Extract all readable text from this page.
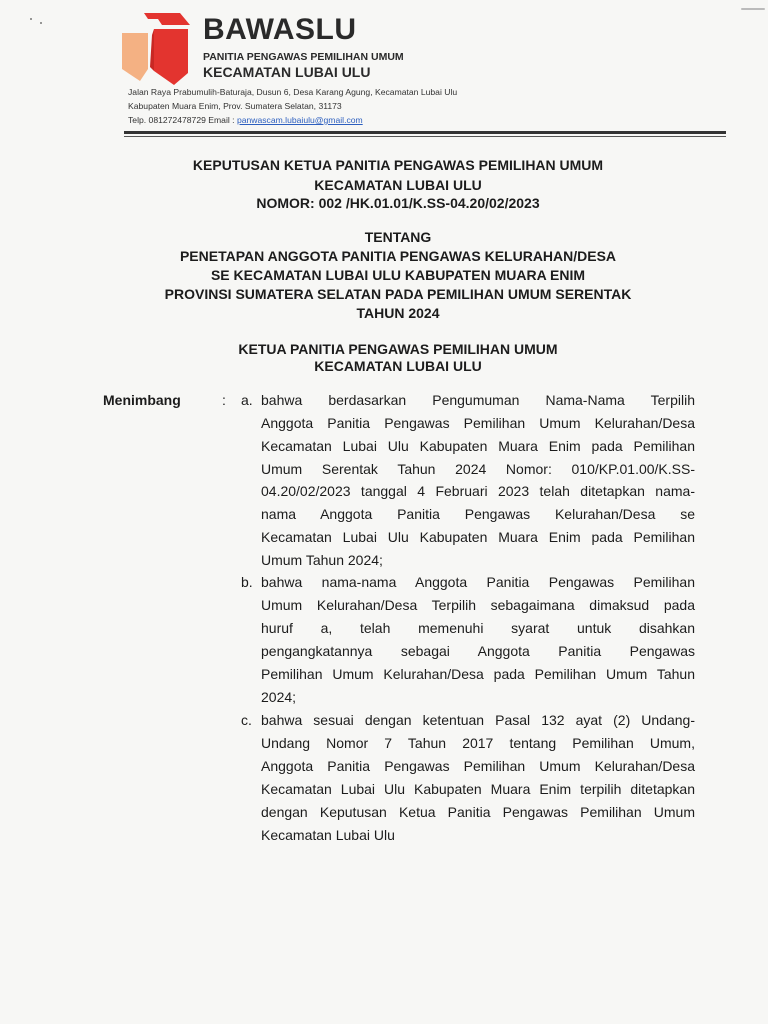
BAWASLU
PANITIA PENGAWAS PEMILIHAN UMUM
KECAMATAN LUBAI ULU
Jalan Raya Prabumulih-Baturaja, Dusun 6, Desa Karang Agung, Kecamatan Lubai Ulu
Kabupaten Muara Enim, Prov. Sumatera Selatan, 31173
Telp. 081272478729 Email : panwascam.lubaiulu@gmail.com
KEPUTUSAN KETUA PANITIA PENGAWAS PEMILIHAN UMUM
KECAMATAN LUBAI ULU
NOMOR: 002 /HK.01.01/K.SS-04.20/02/2023
TENTANG
PENETAPAN ANGGOTA PANITIA PENGAWAS KELURAHAN/DESA
SE KECAMATAN LUBAI ULU KABUPATEN MUARA ENIM
PROVINSI SUMATERA SELATAN PADA PEMILIHAN UMUM SERENTAK
TAHUN 2024
KETUA PANITIA PENGAWAS PEMILIHAN UMUM
KECAMATAN LUBAI ULU
Menimbang	: a. bahwa berdasarkan Pengumuman Nama-Nama Terpilih
Anggota Panitia Pengawas Pemilihan Umum Kelurahan/Desa
Kecamatan Lubai Ulu Kabupaten Muara Enim pada Pemilihan
Umum Serentak Tahun 2024 Nomor: 010/KP.01.00/K.SS-
04.20/02/2023 tanggal 4 Februari 2023 telah ditetapkan nama-
nama Anggota Panitia Pengawas Kelurahan/Desa se
Kecamatan Lubai Ulu Kabupaten Muara Enim pada Pemilihan
Umum Tahun 2024;
b. bahwa nama-nama Anggota Panitia Pengawas Pemilihan
Umum Kelurahan/Desa Terpilih sebagaimana dimaksud pada
huruf a, telah memenuhi syarat untuk disahkan
pengangkatannya sebagai Anggota Panitia Pengawas
Pemilihan Umum Kelurahan/Desa pada Pemilihan Umum Tahun
2024;
c. bahwa sesuai dengan ketentuan Pasal 132 ayat (2) Undang-
Undang Nomor 7 Tahun 2017 tentang Pemilihan Umum,
Anggota Panitia Pengawas Pemilihan Umum Kelurahan/Desa
Kecamatan Lubai Ulu Kabupaten Muara Enim terpilih ditetapkan
dengan Keputusan Ketua Panitia Pengawas Pemilihan Umum
Kecamatan Lubai Ulu
